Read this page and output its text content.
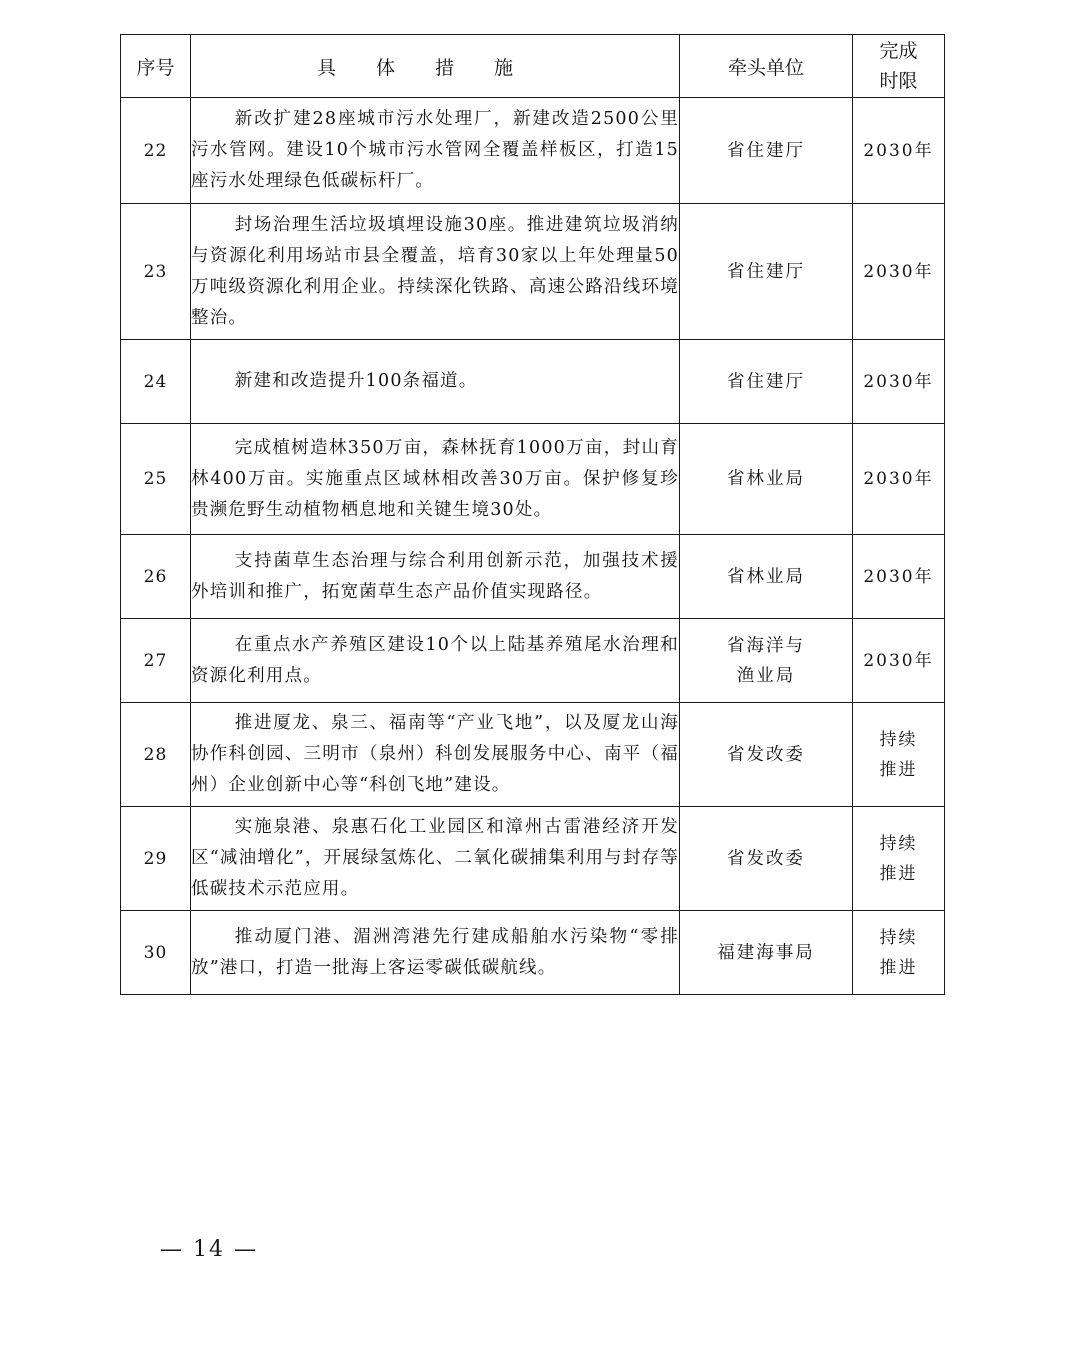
序号	具体措施	牵头单位	完成
时限
22	新改扩建28座城市污水处理厂，新建改造2500公里污水管网。建设10个城市污水管网全覆盖样板区，打造15座污水处理绿色低碳标杆厂。	省住建厅	2030年
23	封场治理生活垃圾填埋设施30座。推进建筑垃圾消纳与资源化利用场站市县全覆盖，培育30家以上年处理量50万吨级资源化利用企业。持续深化铁路、高速公路沿线环境整治。	省住建厅	2030年
24	新建和改造提升100条福道。	省住建厅	2030年
25	完成植树造林350万亩，森林抚育1000万亩，封山育林400万亩。实施重点区域林相改善30万亩。保护修复珍贵濒危野生动植物栖息地和关键生境30处。	省林业局	2030年
26	支持菌草生态治理与综合利用创新示范，加强技术援外培训和推广，拓宽菌草生态产品价值实现路径。	省林业局	2030年
27	在重点水产养殖区建设10个以上陆基养殖尾水治理和资源化利用点。	省海洋与
渔业局	2030年
28	推进厦龙、泉三、福南等“产业飞地”，以及厦龙山海协作科创园、三明市（泉州）科创发展服务中心、南平（福州）企业创新中心等“科创飞地”建设。	省发改委	持续
推进
29	实施泉港、泉惠石化工业园区和漳州古雷港经济开发区“减油增化”，开展绿氢炼化、二氧化碳捕集利用与封存等低碳技术示范应用。	省发改委	持续
推进
30	推动厦门港、湄洲湾港先行建成船舶水污染物“零排放”港口，打造一批海上客运零碳低碳航线。	福建海事局	持续
推进
— 14 —
